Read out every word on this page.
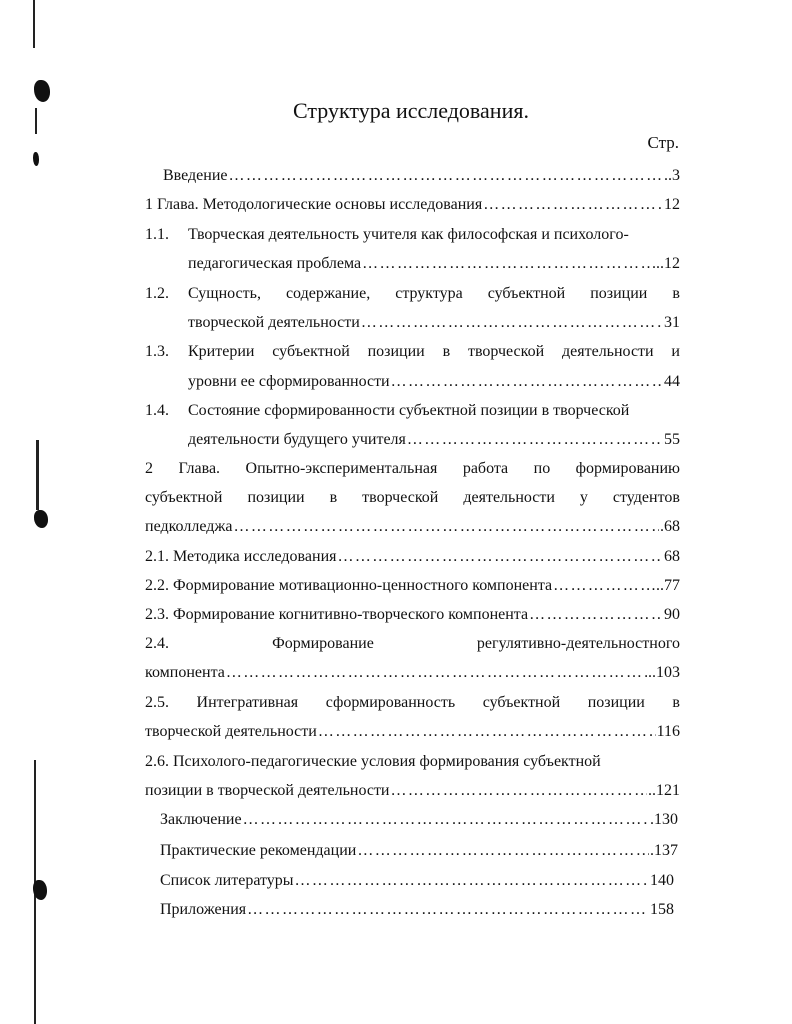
Структура исследования.
Стр.
Введение ……………………………………………………………………………………………………………………………………	..3
1 Глава. Методологические основы исследования ……………………………………………………………………………………………………………………………………	12
1.1. Творческая деятельность учителя как философская и психолого-
педагогическая проблема ……………………………………………………………………………………………………………………………………	...12
1.2. Сущность, содержание, структура субъектной позиции в
творческой деятельности ……………………………………………………………………………………………………………………………………	31
1.3. Критерии субъектной позиции в творческой деятельности и
уровни ее сформированности ……………………………………………………………………………………………………………………………………	44
1.4. Состояние сформированности субъектной позиции в творческой
деятельности будущего учителя ……………………………………………………………………………………………………………………………………	55
2 Глава. Опытно-экспериментальная работа по формированию
субъектной позиции в творческой деятельности у студентов
педколледжа ……………………………………………………………………………………………………………………………………	.68
2.1. Методика исследования ……………………………………………………………………………………………………………………………………	68
2.2. Формирование мотивационно-ценностного компонента ……………………………………………………………………………………………………………………………………	..77
2.3. Формирование когнитивно-творческого компонента ……………………………………………………………………………………………………………………………………	90
2.4.	Формирование	регулятивно-деятельностного
компонента ……………………………………………………………………………………………………………………………………	..103
2.5. Интегративная сформированность субъектной позиции в
творческой деятельности ……………………………………………………………………………………………………………………………………	116
2.6. Психолого-педагогические условия формирования субъектной
позиции в творческой деятельности ……………………………………………………………………………………………………………………………………	..121
Заключение ……………………………………………………………………………………………………………………………………	.130
Практические рекомендации ……………………………………………………………………………………………………………………………………	.137
Список литературы ……………………………………………………………………………………………………………………………………	140
Приложения ……………………………………………………………………………………………………………………………………	158
